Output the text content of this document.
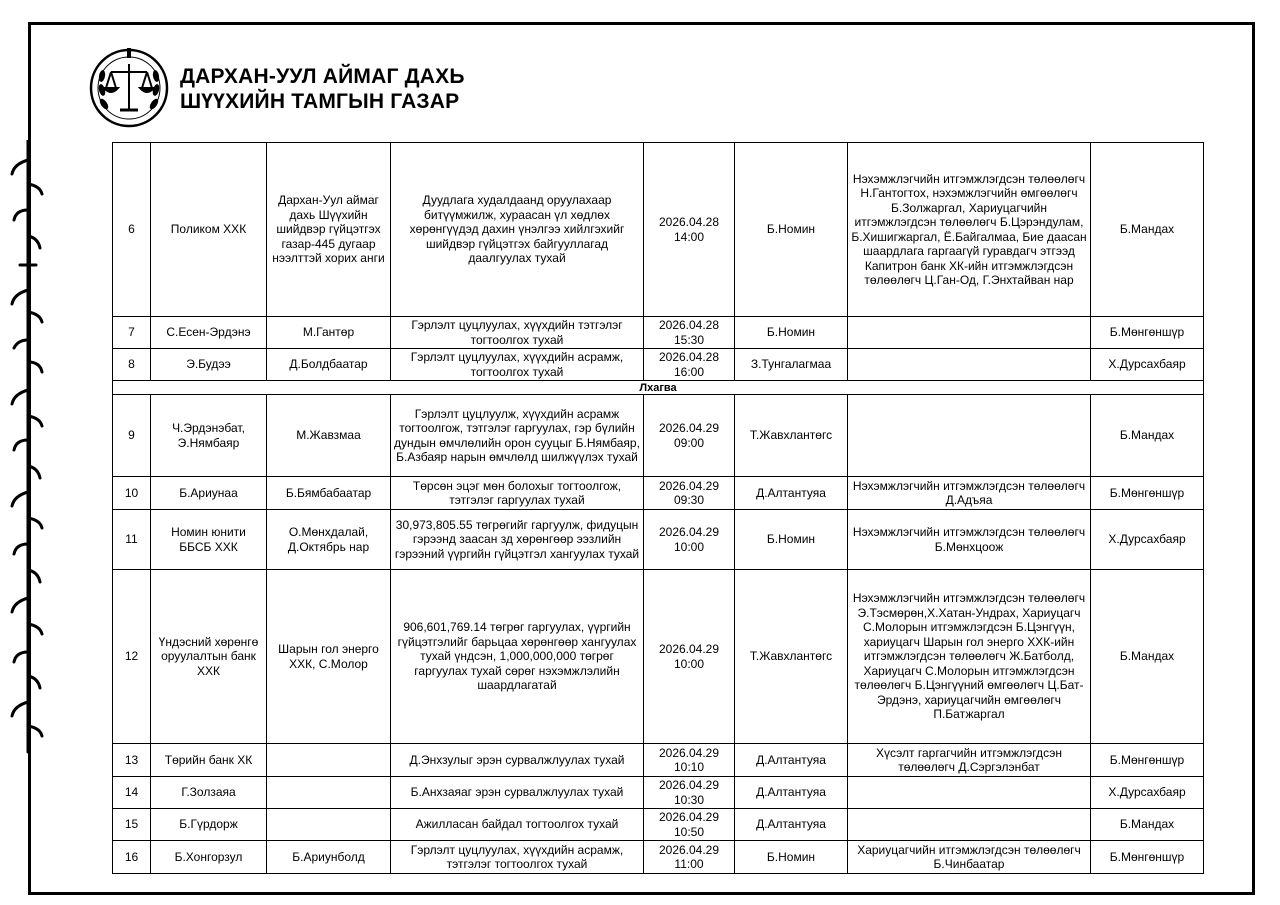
ДАРХАН-УУЛ АЙМАГ ДАХЬ
ШҮҮХИЙН ТАМГЫН ГАЗАР
6	Поликом ХХК	Дархан-Уул аймаг дахь Шүүхийн шийдвэр гүйцэтгэх газар-445 дугаар нээлттэй хорих анги	Дуудлага худалдаанд оруулахаар битүүмжилж, хураасан үл хөдлөх хөрөнгүүдэд дахин үнэлгээ хийлгэхийг шийдвэр гүйцэтгэх байгууллагад даалгуулах тухай	2026.04.28 14:00	Б.Номин	Нэхэмжлэгчийн итгэмжлэгдсэн төлөөлөгч Н.Гантогтох, нэхэмжлэгчийн өмгөөлөгч Б.Золжаргал, Хариуцагчийн итгэмжлэгдсэн төлөөлөгч Б.Цэрэндулам, Б.Хишигжаргал, Ё.Байгалмаа, Бие даасан шаардлага гаргаагүй гуравдагч этгээд Капитрон банк ХК-ийн итгэмжлэгдсэн төлөөлөгч Ц.Ган-Од, Г.Энхтайван нар	Б.Мандах
7	С.Есен-Эрдэнэ	М.Гантөр	Гэрлэлт цуцлуулах, хүүхдийн тэтгэлэг тогтоолгох тухай	2026.04.28 15:30	Б.Номин		Б.Мөнгөншүр
8	Э.Будээ	Д.Болдбаатар	Гэрлэлт цуцлуулах, хүүхдийн асрамж, тогтоолгох тухай	2026.04.28 16:00	З.Тунгалагмаа		Х.Дурсахбаяр
Лхагва							
9	Ч.Эрдэнэбат, Э.Нямбаяр	М.Жавзмаа	Гэрлэлт цуцлуулж, хүүхдийн асрамж тогтоолгож, тэтгэлэг гаргуулах, гэр бүлийн дундын өмчлөлийн орон сууцыг Б.Нямбаяр, Б.Азбаяр нарын өмчлөлд шилжүүлэх тухай	2026.04.29 09:00	Т.Жавхлантөгс		Б.Мандах
10	Б.Ариунаа	Б.Бямбабаатар	Төрсөн эцэг мөн болохыг тогтоолгож, тэтгэлэг гаргуулах тухай	2026.04.29 09:30	Д.Алтантуяа	Нэхэмжлэгчийн итгэмжлэгдсэн төлөөлөгч Д.Адъяа	Б.Мөнгөншүр
11	Номин юнити ББСБ ХХК	О.Мөнхдалай, Д.Октябрь нар	30,973,805.55 төгрөгийг гаргуулж, фидуцын гэрээнд заасан зд хөрөнгөөр ээзлийн гэрээний үүргийн гүйцэтгэл хангуулах тухай	2026.04.29 10:00	Б.Номин	Нэхэмжлэгчийн итгэмжлэгдсэн төлөөлөгч Б.Мөнхцоож	Х.Дурсахбаяр
12	Үндэсний хөрөнгө оруулалтын банк ХХК	Шарын гол энерго ХХК, С.Молор	906,601,769.14 төгрөг гаргуулах, үүргийн гүйцэтгэлийг барьцаа хөрөнгөөр хангуулах тухай үндсэн, 1,000,000,000 төгрөг гаргуулах тухай сөрөг нэхэмжлэлийн шаардлагатай	2026.04.29 10:00	Т.Жавхлантөгс	Нэхэмжлэгчийн итгэмжлэгдсэн төлөөлөгч Э.Тэсмөрөн,Х.Хатан-Ундрах, Хариуцагч С.Молорын итгэмжлэгдсэн Б.Цэнгүүн, хариуцагч Шарын гол энерго ХХК-ийн итгэмжлэгдсэн төлөөлөгч Ж.Батболд, Хариуцагч С.Молорын итгэмжлэгдсэн төлөөлөгч Б.Цэнгүүний өмгөөлөгч Ц.Бат-Эрдэнэ, хариуцагчийн өмгөөлөгч П.Батжаргал	Б.Мандах
13	Төрийн банк ХК		Д.Энхзулыг эрэн сурвалжлуулах тухай	2026.04.29 10:10	Д.Алтантуяа	Хүсэлт гаргагчийн итгэмжлэгдсэн төлөөлөгч Д.Сэргэлэнбат	Б.Мөнгөншүр
14	Г.Золзаяа		Б.Анхзаяаг эрэн сурвалжлуулах тухай	2026.04.29 10:30	Д.Алтантуяа		Х.Дурсахбаяр
15	Б.Гүрдорж		Ажилласан байдал тогтоолгох тухай	2026.04.29 10:50	Д.Алтантуяа		Б.Мандах
16	Б.Хонгорзул	Б.Ариунболд	Гэрлэлт цуцлуулах, хүүхдийн асрамж, тэтгэлэг тогтоолгох тухай	2026.04.29 11:00	Б.Номин	Хариуцагчийн итгэмжлэгдсэн төлөөлөгч Б.Чинбаатар	Б.Мөнгөншүр
